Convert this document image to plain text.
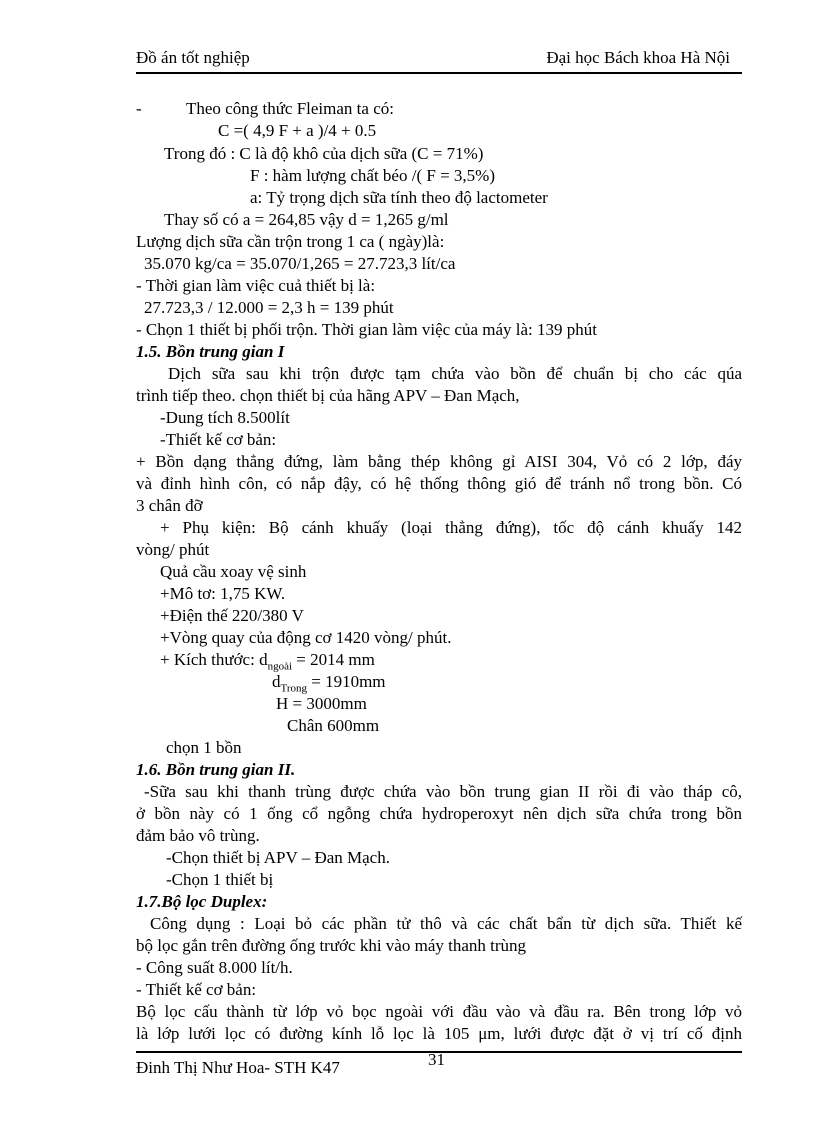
Đồ án tốt nghiệp	Đại học Bách khoa Hà Nội
-	Theo công thức Fleiman ta có:
C =( 4,9 F + a )/4 + 0.5
Trong đó : C là độ khô của dịch sữa (C = 71%)
F : hàm lượng chất béo /( F = 3,5%)
a: Tỷ trọng dịch sữa tính theo độ lactometer
Thay số có a = 264,85 vậy d = 1,265 g/ml
Lượng dịch sữa cần trộn trong 1 ca ( ngày)là:
35.070 kg/ca = 35.070/1,265 = 27.723,3 lít/ca
- Thời gian làm việc cuả thiết bị là:
27.723,3 / 12.000 = 2,3 h = 139 phút
- Chọn 1 thiết bị phối trộn. Thời gian làm việc của máy là: 139 phút
1.5. Bồn trung gian I
Dịch sữa sau khi trộn được tạm chứa vào bồn để chuẩn bị cho các qúa
trình tiếp theo. chọn thiết bị của hãng APV – Đan Mạch,
-Dung tích 8.500lít
-Thiết kế cơ bản:
+ Bồn dạng thẳng đứng, làm bằng thép không gỉ AISI 304, Vỏ có 2 lớp, đáy
và đỉnh hình côn, có nắp đậy, có hệ thống thông gió để tránh nổ trong bồn. Có
3 chân đỡ
+ Phụ kiện: Bộ cánh khuấy (loại thẳng đứng), tốc độ cánh khuấy 142
vòng/ phút
Quả cầu xoay vệ sinh
+Mô tơ: 1,75 KW.
+Điện thế 220/380 V
+Vòng quay của động cơ 1420 vòng/ phút.
+ Kích thước: $d_{ngoài} = 2014$ mm
$d_{Trong} = 1910mm$
H = 3000mm
Chân 600mm
chọn 1 bồn
1.6. Bồn trung gian II.
-Sữa sau khi thanh trùng được chứa vào bồn trung gian II rồi đi vào tháp cô,
ở bồn này có 1 ống cổ ngỗng chứa hydroperoxyt nên dịch sữa chứa trong bồn
đảm bảo vô trùng.
-Chọn thiết bị APV – Đan Mạch.
-Chọn 1 thiết bị
1.7.Bộ lọc Duplex:
Công dụng : Loại bỏ các phần tử thô và các chất bẩn từ dịch sữa. Thiết kế
bộ lọc gắn trên đường ống trước khi vào máy thanh trùng
- Công suất 8.000 lít/h.
- Thiết kế cơ bản:
Bộ lọc cấu thành từ lớp vỏ bọc ngoài với đầu vào và đầu ra. Bên trong lớp vỏ
là lớp lưới lọc có đường kính lỗ lọc là 105 μm, lưới được đặt ở vị trí cố định
Đinh Thị Như Hoa- STH K47	31
